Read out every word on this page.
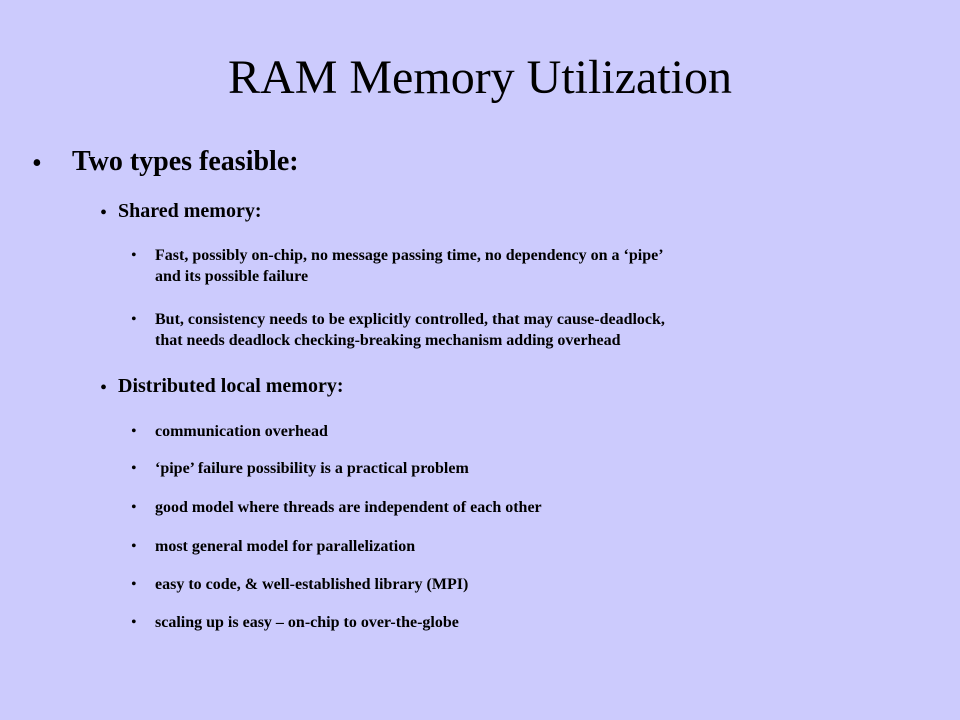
RAM Memory Utilization
• Two types feasible:
• Shared memory:
• Fast, possibly on-chip, no message passing time, no dependency on a ‘pipe’
and its possible failure
• But, consistency needs to be explicitly controlled, that may cause-deadlock,
that needs deadlock checking-breaking mechanism adding overhead
• Distributed local memory:
• communication overhead
• ‘pipe’ failure possibility is a practical problem
• good model where threads are independent of each other
• most general model for parallelization
• easy to code, & well-established library (MPI)
• scaling up is easy – on-chip to over-the-globe
